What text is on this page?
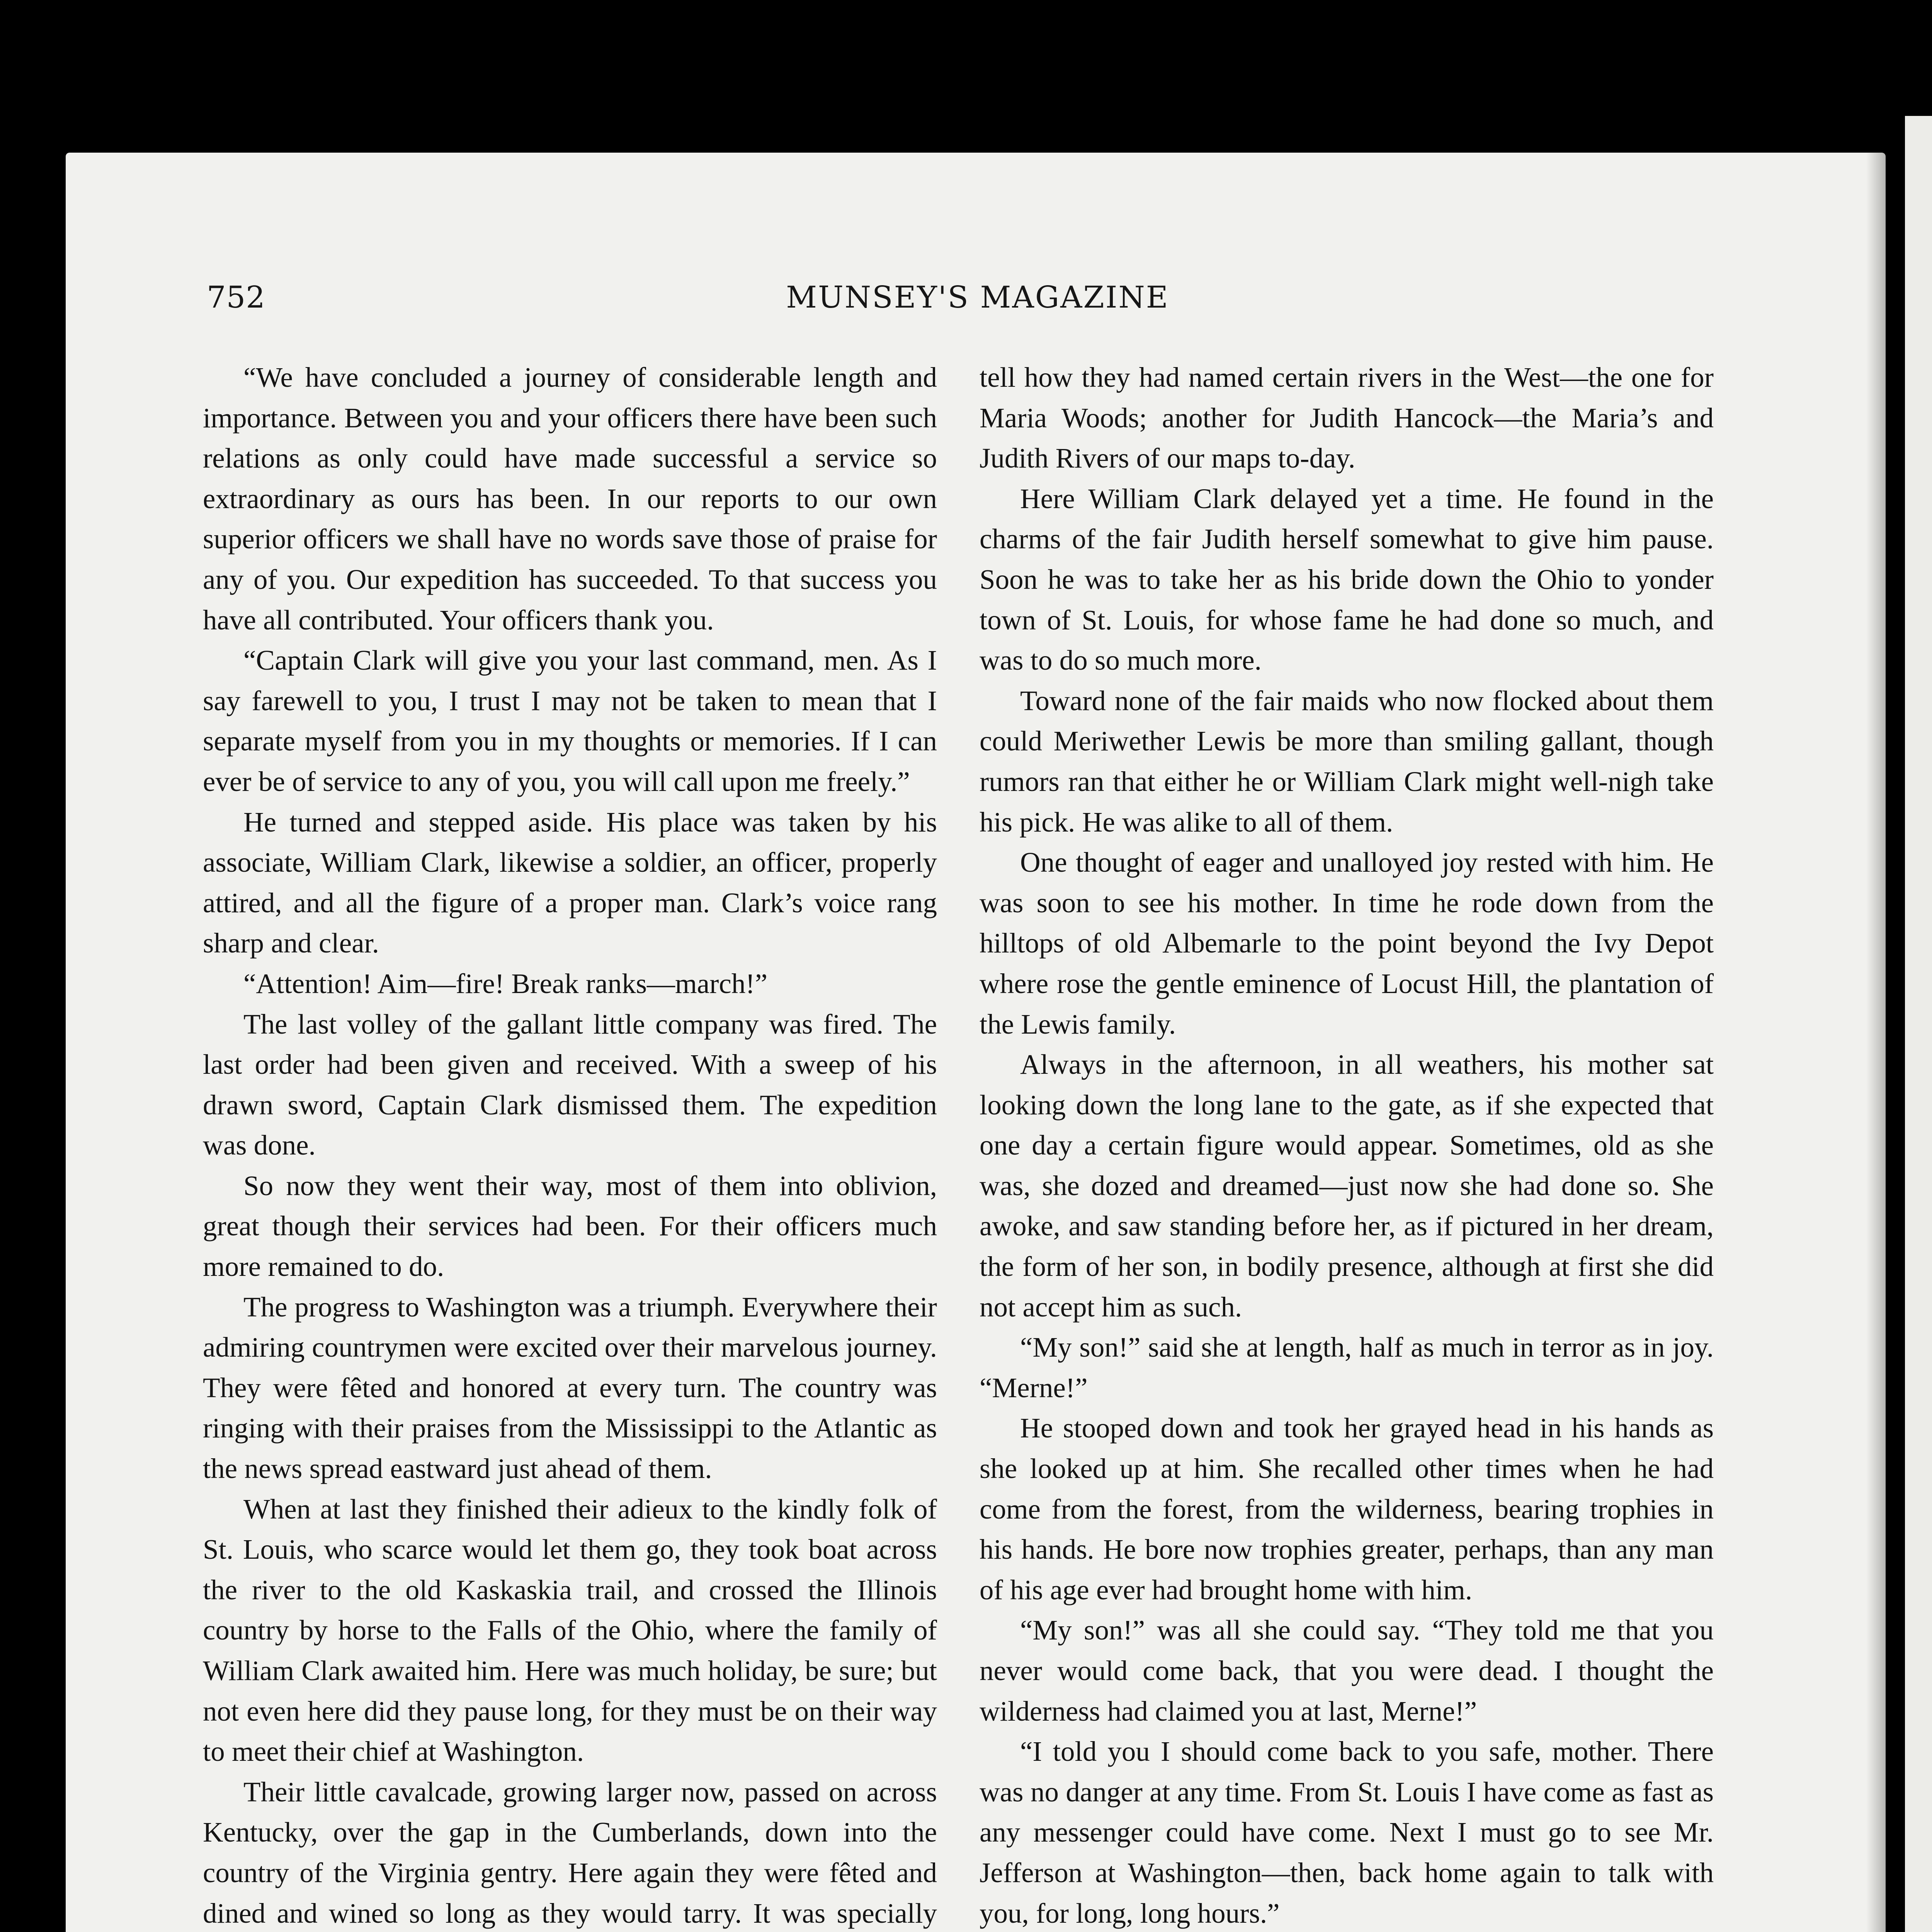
752	MUNSEY'S MAGAZINE

“We have concluded a journey of considerable length and importance. Between you and your officers there have been such relations as only could have made successful a service so extraordinary as ours has been. In our reports to our own superior officers we shall have no words save those of praise for any of you. Our expedition has succeeded. To that success you have all contributed. Your officers thank you.

“Captain Clark will give you your last command, men. As I say farewell to you, I trust I may not be taken to mean that I separate myself from you in my thoughts or memories. If I can ever be of service to any of you, you will call upon me freely.”

He turned and stepped aside. His place was taken by his associate, William Clark, likewise a soldier, an officer, properly attired, and all the figure of a proper man. Clark’s voice rang sharp and clear.

“Attention! Aim—fire! Break ranks—march!”

The last volley of the gallant little company was fired. The last order had been given and received. With a sweep of his drawn sword, Captain Clark dismissed them. The expedition was done.

So now they went their way, most of them into oblivion, great though their services had been. For their officers much more remained to do.

The progress to Washington was a triumph. Everywhere their admiring countrymen were excited over their marvelous journey. They were fêted and honored at every turn. The country was ringing with their praises from the Mississippi to the Atlantic as the news spread eastward just ahead of them.

When at last they finished their adieux to the kindly folk of St. Louis, who scarce would let them go, they took boat across the river to the old Kaskaskia trail, and crossed the Illinois country by horse to the Falls of the Ohio, where the family of William Clark awaited him. Here was much holiday, be sure; but not even here did they pause long, for they must be on their way to meet their chief at Washington.

Their little cavalcade, growing larger now, passed on across Kentucky, over the gap in the Cumberlands, down into the country of the Virginia gentry. Here again they were fêted and dined and wined so long as they would tarry. It was specially

tell how they had named certain rivers in the West—the one for Maria Woods; another for Judith Hancock—the Maria’s and Judith Rivers of our maps to-day.

Here William Clark delayed yet a time. He found in the charms of the fair Judith herself somewhat to give him pause. Soon he was to take her as his bride down the Ohio to yonder town of St. Louis, for whose fame he had done so much, and was to do so much more.

Toward none of the fair maids who now flocked about them could Meriwether Lewis be more than smiling gallant, though rumors ran that either he or William Clark might well-nigh take his pick. He was alike to all of them.

One thought of eager and unalloyed joy rested with him. He was soon to see his mother. In time he rode down from the hilltops of old Albemarle to the point beyond the Ivy Depot where rose the gentle eminence of Locust Hill, the plantation of the Lewis family.

Always in the afternoon, in all weathers, his mother sat looking down the long lane to the gate, as if she expected that one day a certain figure would appear. Sometimes, old as she was, she dozed and dreamed—just now she had done so. She awoke, and saw standing before her, as if pictured in her dream, the form of her son, in bodily presence, although at first she did not accept him as such.

“My son!” said she at length, half as much in terror as in joy. “Merne!”

He stooped down and took her grayed head in his hands as she looked up at him. She recalled other times when he had come from the forest, from the wilderness, bearing trophies in his hands. He bore now trophies greater, perhaps, than any man of his age ever had brought home with him.

“My son!” was all she could say. “They told me that you never would come back, that you were dead. I thought the wilderness had claimed you at last, Merne!”

“I told you I should come back to you safe, mother. There was no danger at any time. From St. Louis I have come as fast as any messenger could have come. Next I must go to see Mr. Jefferson at Washington—then, back home again to talk with you, for long, long hours.”
